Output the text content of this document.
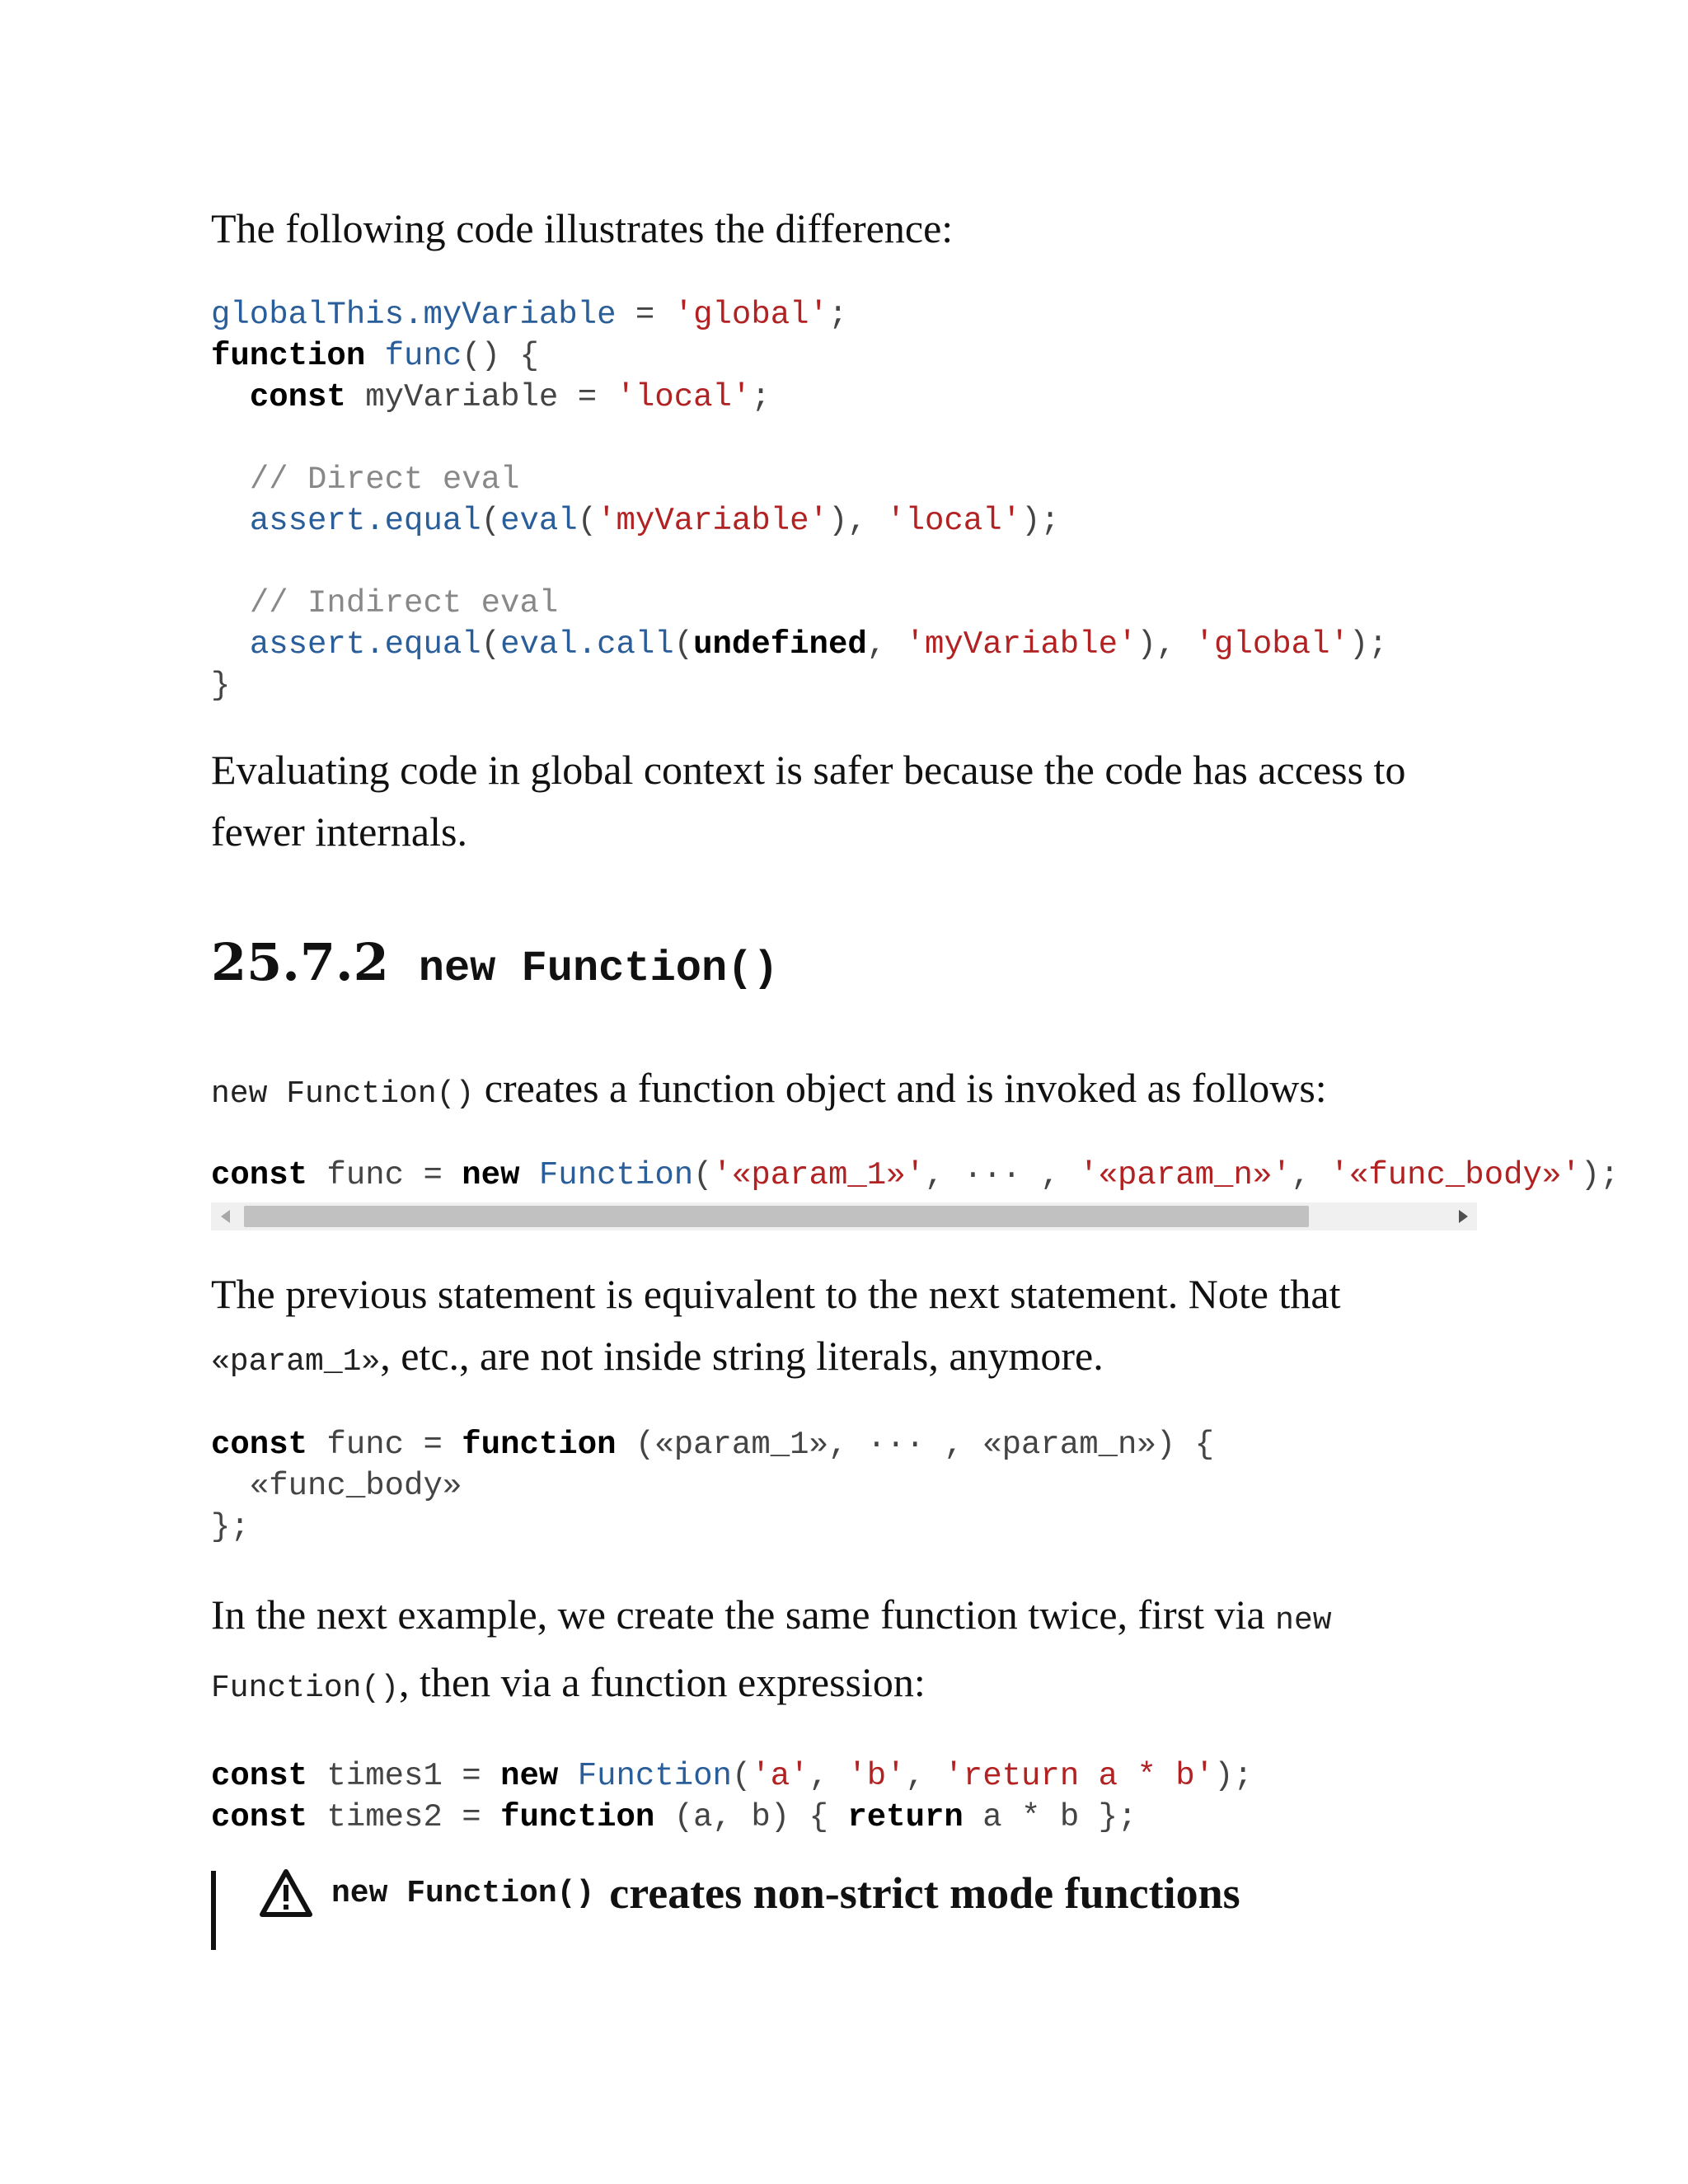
The following code illustrates the difference:

globalThis.myVariable = 'global';
function func() {
const myVariable = 'local';

// Direct eval
assert.equal(eval('myVariable'), 'local');

// Indirect eval
assert.equal(eval.call(undefined, 'myVariable'), 'global');
}

Evaluating code in global context is safer because the code has access to fewer internals.

25.7.2 new Function()

new Function() creates a function object and is invoked as follows:

const func = new Function('«param_1»', ··· , '«param_n»', '«func_body»');

The previous statement is equivalent to the next statement. Note that «param_1», etc., are not inside string literals, anymore.

const func = function («param_1», ··· , «param_n») {
«func_body»
};

In the next example, we create the same function twice, first via new Function(), then via a function expression:

const times1 = new Function('a', 'b', 'return a * b');
const times2 = function (a, b) { return a * b };
new Function() creates non-strict mode functions
